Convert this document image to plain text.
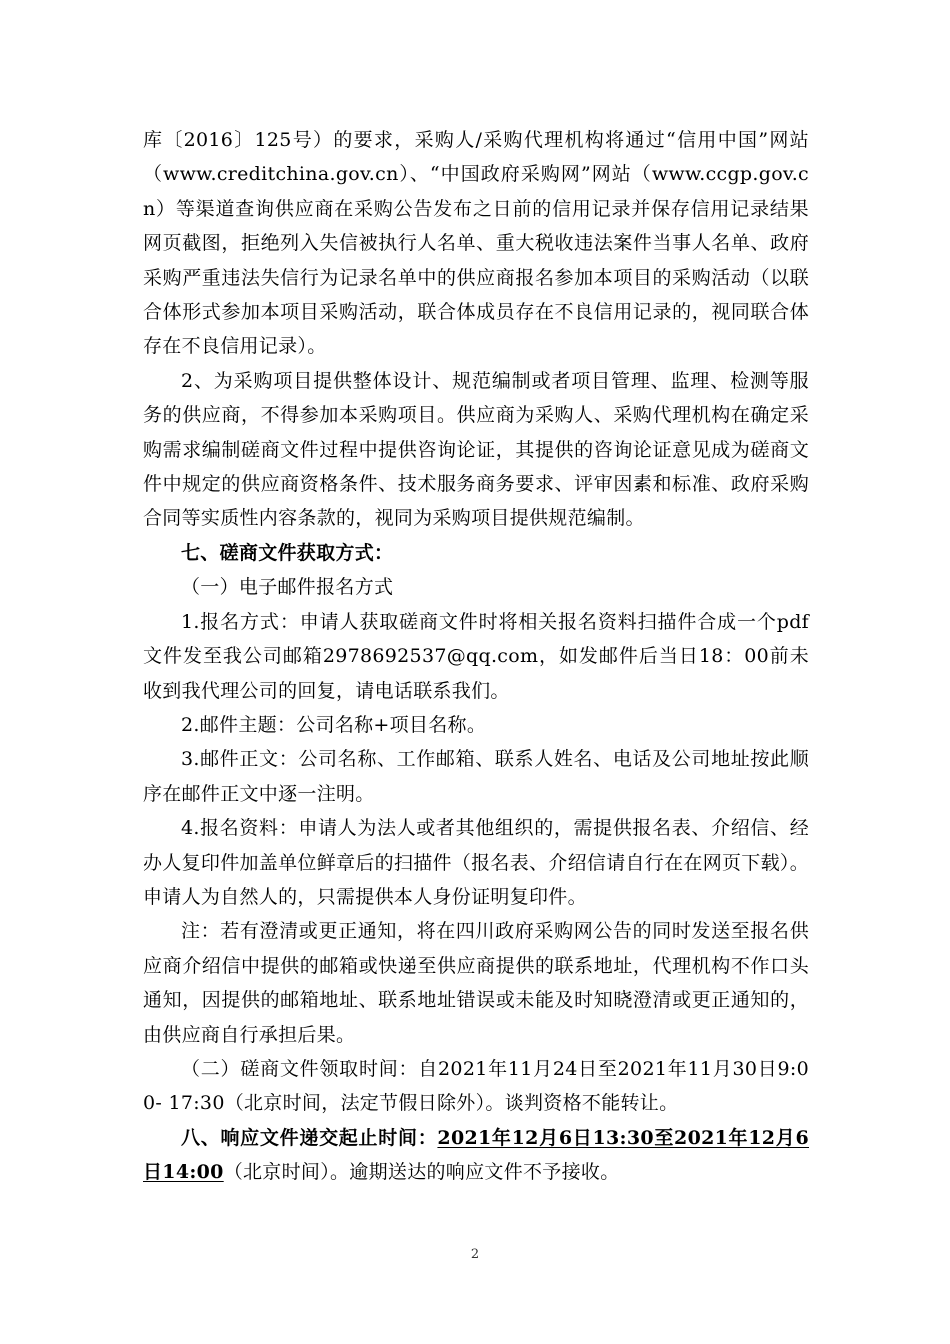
库〔2016〕125号）的要求，采购人/采购代理机构将通过“信用中国”网站（www.creditchina.gov.cn）、“中国政府采购网”网站（www.ccgp.gov.cn）等渠道查询供应商在采购公告发布之日前的信用记录并保存信用记录结果网页截图，拒绝列入失信被执行人名单、重大税收违法案件当事人名单、政府采购严重违法失信行为记录名单中的供应商报名参加本项目的采购活动（以联合体形式参加本项目采购活动，联合体成员存在不良信用记录的，视同联合体存在不良信用记录）。

2、为采购项目提供整体设计、规范编制或者项目管理、监理、检测等服务的供应商，不得参加本采购项目。供应商为采购人、采购代理机构在确定采购需求编制磋商文件过程中提供咨询论证，其提供的咨询论证意见成为磋商文件中规定的供应商资格条件、技术服务商务要求、评审因素和标准、政府采购合同等实质性内容条款的，视同为采购项目提供规范编制。

七、磋商文件获取方式：

（一）电子邮件报名方式

1.报名方式：申请人获取磋商文件时将相关报名资料扫描件合成一个pdf文件发至我公司邮箱2978692537@qq.com，如发邮件后当日18：00前未收到我代理公司的回复，请电话联系我们。

2.邮件主题：公司名称+项目名称。

3.邮件正文：公司名称、工作邮箱、联系人姓名、电话及公司地址按此顺序在邮件正文中逐一注明。

4.报名资料：申请人为法人或者其他组织的，需提供报名表、介绍信、经办人复印件加盖单位鲜章后的扫描件（报名表、介绍信请自行在在网页下载）。申请人为自然人的，只需提供本人身份证明复印件。

注：若有澄清或更正通知，将在四川政府采购网公告的同时发送至报名供应商介绍信中提供的邮箱或快递至供应商提供的联系地址，代理机构不作口头通知，因提供的邮箱地址、联系地址错误或未能及时知晓澄清或更正通知的，由供应商自行承担后果。

（二）磋商文件领取时间：自2021年11月24日至2021年11月30日9:00- 17:30（北京时间，法定节假日除外）。谈判资格不能转让。

八、响应文件递交起止时间：2021年12月6日13:30至2021年12月6日14:00（北京时间）。逾期送达的响应文件不予接收。

2
